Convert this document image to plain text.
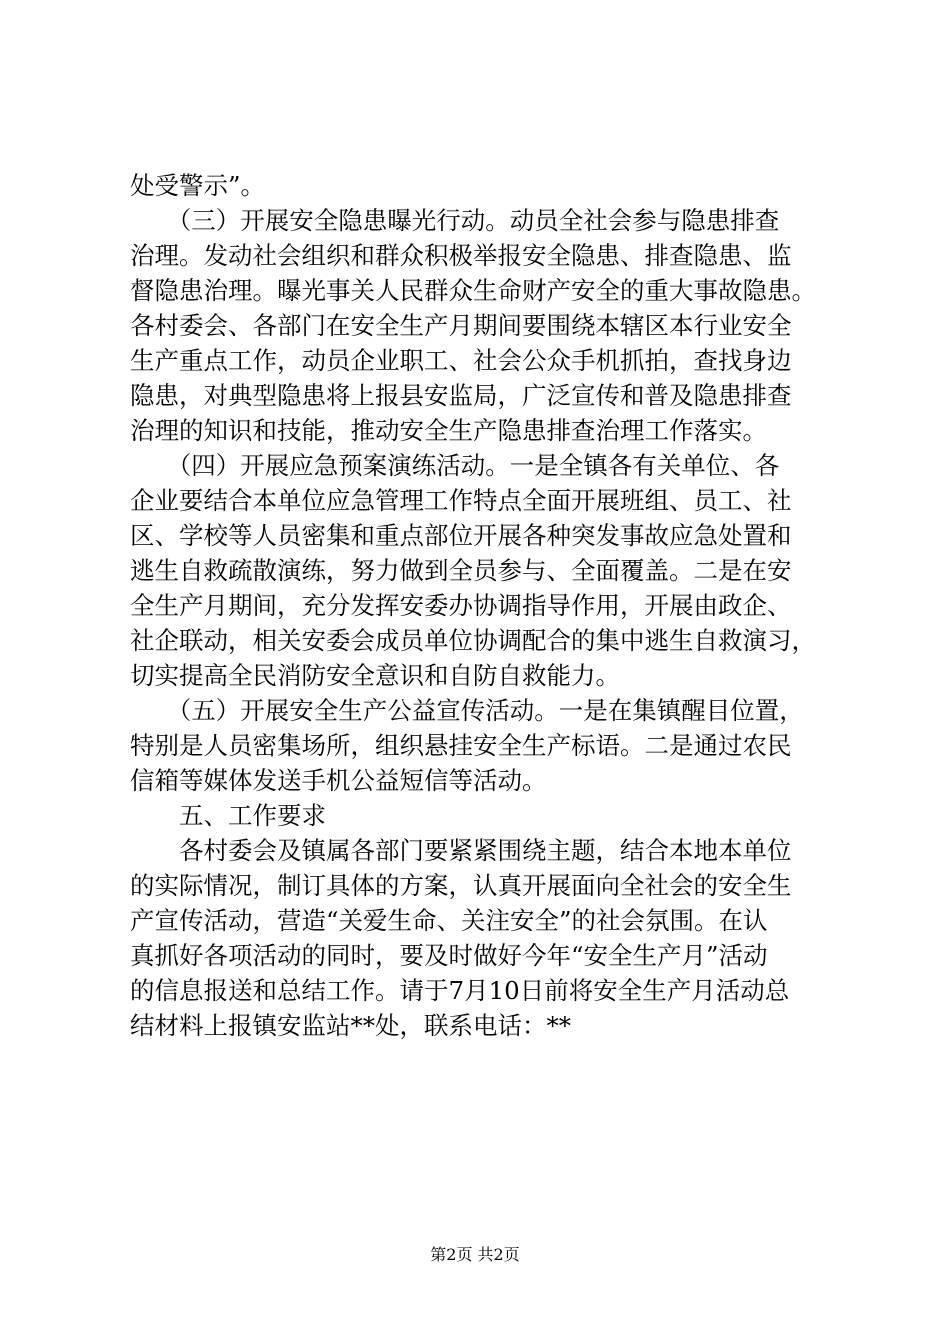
处受警示”。
　　（三）开展安全隐患曝光行动。动员全社会参与隐患排查
治理。发动社会组织和群众积极举报安全隐患、排查隐患、监
督隐患治理。曝光事关人民群众生命财产安全的重大事故隐患。
各村委会、各部门在安全生产月期间要围绕本辖区本行业安全
生产重点工作，动员企业职工、社会公众手机抓拍，查找身边
隐患，对典型隐患将上报县安监局，广泛宣传和普及隐患排查
治理的知识和技能，推动安全生产隐患排查治理工作落实。
　　（四）开展应急预案演练活动。一是全镇各有关单位、各
企业要结合本单位应急管理工作特点全面开展班组、员工、社
区、学校等人员密集和重点部位开展各种突发事故应急处置和
逃生自救疏散演练，努力做到全员参与、全面覆盖。二是在安
全生产月期间，充分发挥安委办协调指导作用，开展由政企、
社企联动，相关安委会成员单位协调配合的集中逃生自救演习，
切实提高全民消防安全意识和自防自救能力。
　　（五）开展安全生产公益宣传活动。一是在集镇醒目位置，
特别是人员密集场所，组织悬挂安全生产标语。二是通过农民
信箱等媒体发送手机公益短信等活动。
　　五、工作要求
　　各村委会及镇属各部门要紧紧围绕主题，结合本地本单位
的实际情况，制订具体的方案，认真开展面向全社会的安全生
产宣传活动，营造“关爱生命、关注安全”的社会氛围。在认
真抓好各项活动的同时，要及时做好今年“安全生产月”活动
的信息报送和总结工作。请于7月10日前将安全生产月活动总
结材料上报镇安监站**处，联系电话：**
第2页 共2页
